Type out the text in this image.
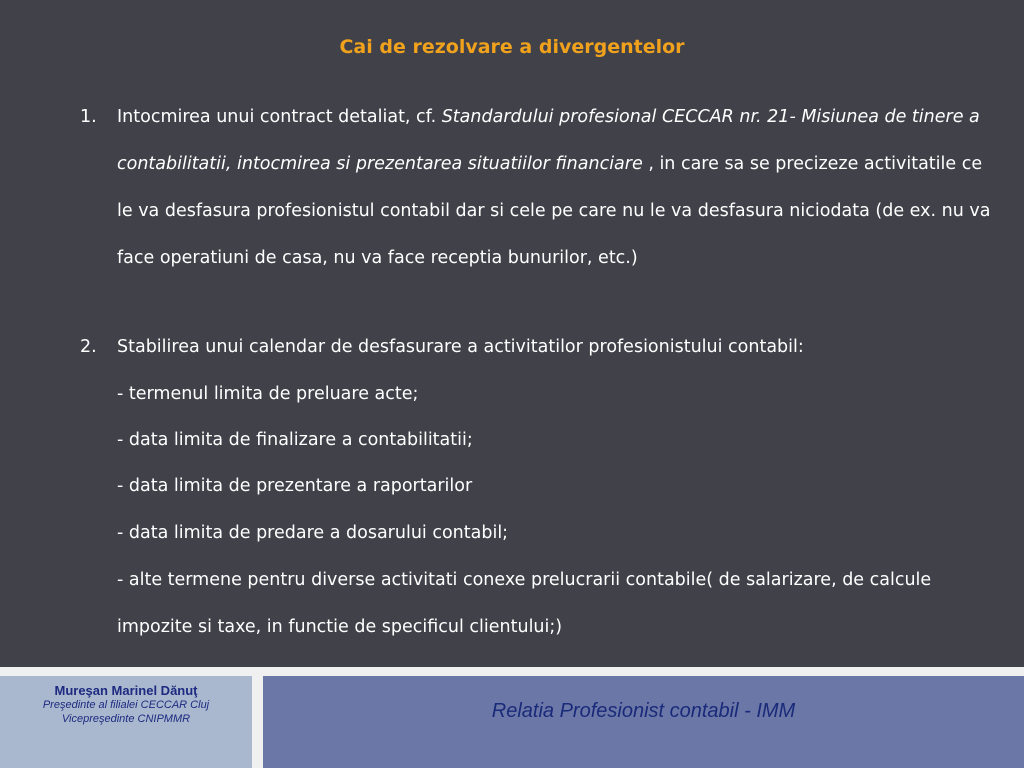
Cai de rezolvare a divergentelor
1.	Intocmirea unui contract detaliat, cf. Standardului profesional CECCAR nr. 21- Misiunea de tinere a contabilitatii, intocmirea si prezentarea situatiilor financiare , in care sa se precizeze activitatile ce le va desfasura profesionistul contabil dar si cele pe care nu le va desfasura niciodata (de ex. nu va face operatiuni de casa, nu va face receptia bunurilor, etc.)
2.	Stabilirea unui calendar de desfasurare a activitatilor profesionistului contabil:
- termenul limita de preluare acte;
- data limita de finalizare a contabilitatii;
- data limita de prezentare a raportarilor
- data limita de predare a dosarului contabil;
- alte termene pentru diverse activitati conexe prelucrarii contabile( de salarizare, de calcule impozite si taxe, in functie de specificul clientului;)
Mureşan Marinel Dănuţ
Preşedinte al filialei CECCAR Cluj
Vicepreşedinte CNIPMMR	Relatia Profesionist contabil - IMM
